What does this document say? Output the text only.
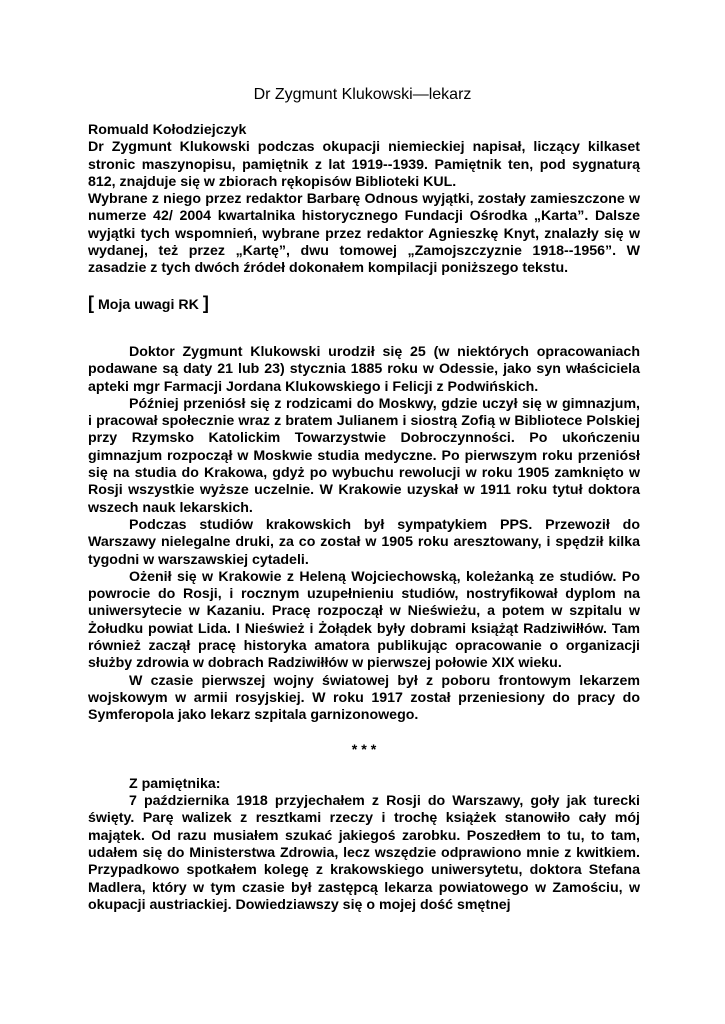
Dr Zygmunt Klukowski—lekarz

Romuald Kołodziejczyk

Dr Zygmunt Klukowski podczas okupacji niemieckiej napisał, liczący kilkaset stronic maszynopisu, pamiętnik z lat 1919--1939. Pamiętnik ten, pod sygnaturą 812, znajduje się w zbiorach rękopisów Biblioteki KUL.

Wybrane z niego przez redaktor Barbarę Odnous wyjątki, zostały zamieszczone w numerze 42/ 2004 kwartalnika historycznego Fundacji Ośrodka „Karta”. Dalsze wyjątki tych wspomnień, wybrane przez redaktor Agnieszkę Knyt, znalazły się w wydanej, też przez „Kartę”, dwu tomowej „Zamojszczyznie 1918--1956”. W zasadzie z tych dwóch źródeł dokonałem kompilacji poniższego tekstu.

[ Moja uwagi RK ]

Doktor Zygmunt Klukowski urodził się 25 (w niektórych opracowaniach podawane są daty 21 lub 23) stycznia 1885 roku w Odessie, jako syn właściciela apteki mgr Farmacji Jordana Klukowskiego i Felicji z Podwińskich.

Później przeniósł się z rodzicami do Moskwy, gdzie uczył się w gimnazjum, i pracował społecznie wraz z bratem Julianem i siostrą Zofią w Bibliotece Polskiej przy Rzymsko Katolickim Towarzystwie Dobroczynności. Po ukończeniu gimnazjum rozpoczął w Moskwie studia medyczne. Po pierwszym roku przeniósł się na studia do Krakowa, gdyż po wybuchu rewolucji w roku 1905 zamknięto w Rosji wszystkie wyższe uczelnie. W Krakowie uzyskał w 1911 roku tytuł doktora wszech nauk lekarskich.

Podczas studiów krakowskich był sympatykiem PPS. Przewoził do Warszawy nielegalne druki, za co został w 1905 roku aresztowany, i spędził kilka tygodni w warszawskiej cytadeli.

Ożenił się w Krakowie z Heleną Wojciechowską, koleżanką ze studiów. Po powrocie do Rosji, i rocznym uzupełnieniu studiów, nostryfikował dyplom na uniwersytecie w Kazaniu. Pracę rozpoczął w Nieświeżu, a potem w szpitalu w Żołudku powiat Lida. I Nieśwież i Żołądek były dobrami książąt Radziwiłłów. Tam również zaczął pracę historyka amatora publikując opracowanie o organizacji służby zdrowia w dobrach Radziwiłłów w pierwszej połowie XIX wieku.

W czasie pierwszej wojny światowej był z poboru frontowym lekarzem wojskowym w armii rosyjskiej. W roku 1917 został przeniesiony do pracy do Symferopola jako lekarz szpitala garnizonowego.

* * *

Z pamiętnika:

7 października 1918 przyjechałem z Rosji do Warszawy, goły jak turecki święty. Parę walizek z resztkami rzeczy i trochę książek stanowiło cały mój majątek. Od razu musiałem szukać jakiegoś zarobku. Poszedłem to tu, to tam, udałem się do Ministerstwa Zdrowia, lecz wszędzie odprawiono mnie z kwitkiem. Przypadkowo spotkałem kolegę z krakowskiego uniwersytetu, doktora Stefana Madlera, który w tym czasie był zastępcą lekarza powiatowego w Zamościu, w okupacji austriackiej. Dowiedziawszy się o mojej dość smętnej
